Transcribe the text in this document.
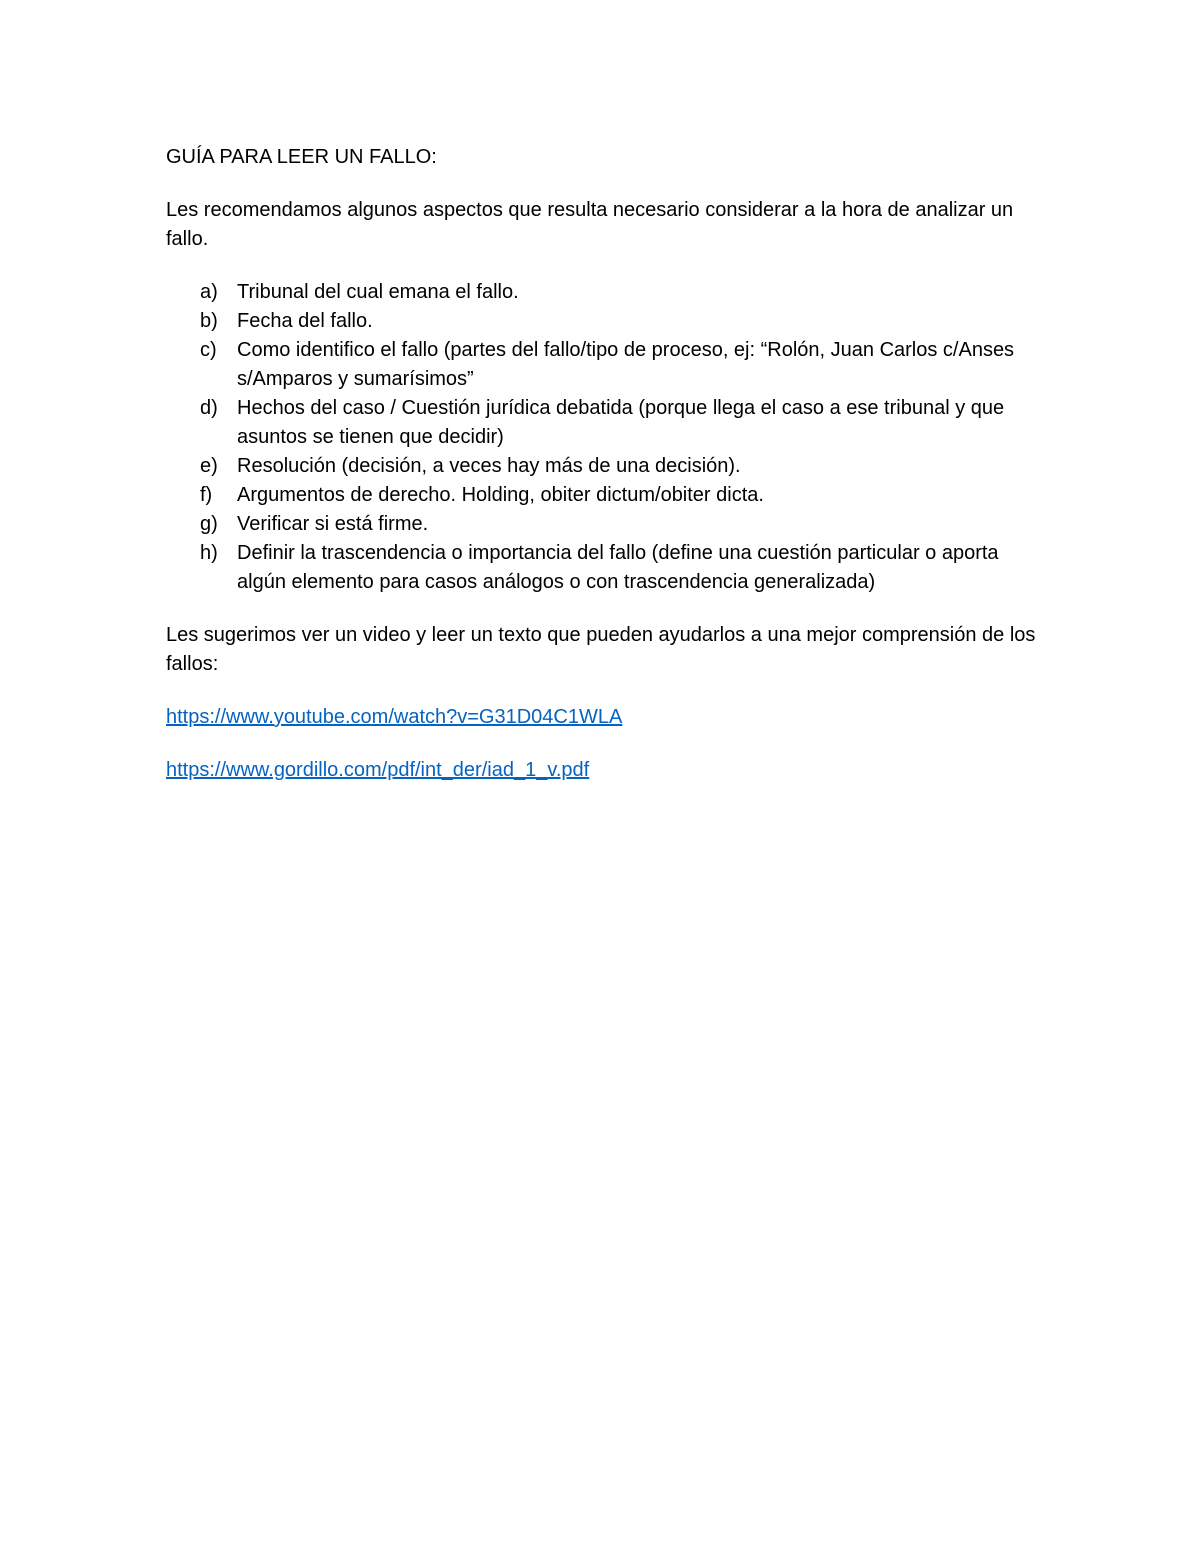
GUÍA PARA LEER UN FALLO:

Les recomendamos algunos aspectos que resulta necesario considerar a la hora de analizar un fallo.

a) Tribunal del cual emana el fallo.
b) Fecha del fallo.
c) Como identifico el fallo (partes del fallo/tipo de proceso, ej: “Rolón, Juan Carlos c/Anses s/Amparos y sumarísimos”
d) Hechos del caso / Cuestión jurídica debatida (porque llega el caso a ese tribunal y que asuntos se tienen que decidir)
e) Resolución (decisión, a veces hay más de una decisión).
f) Argumentos de derecho. Holding, obiter dictum/obiter dicta.
g) Verificar si está firme.
h) Definir la trascendencia o importancia del fallo (define una cuestión particular o aporta algún elemento para casos análogos o con trascendencia generalizada)

Les sugerimos ver un video y leer un texto que pueden ayudarlos a una mejor comprensión de los fallos:

https://www.youtube.com/watch?v=G31D04C1WLA
https://www.gordillo.com/pdf/int_der/iad_1_v.pdf
